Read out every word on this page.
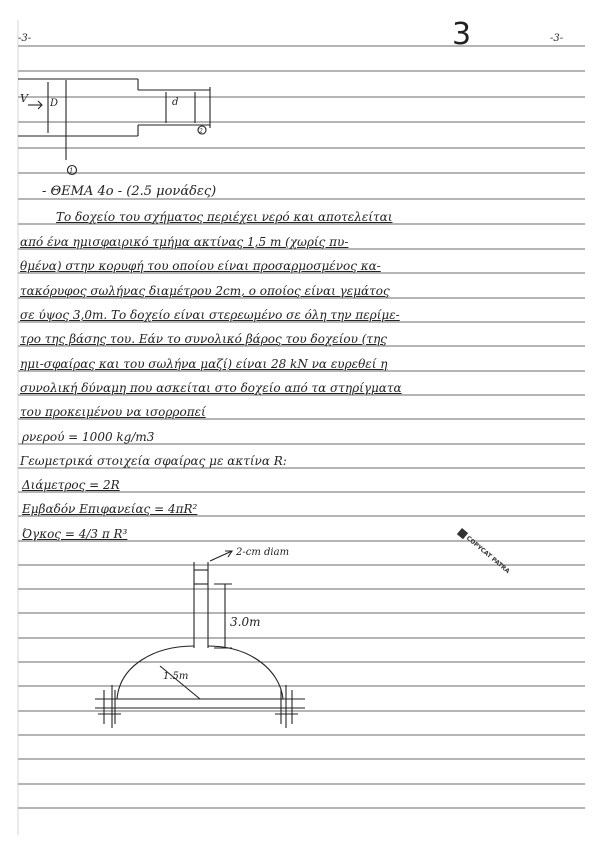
-3-	-3-
3
V D	d
1
2
- ΘΕΜΑ 4ο - (2.5 μονάδες)
Το δοχείο του σχήματος περιέχει νερό και αποτελείται
από ένα ημισφαιρικό τμήμα ακτίνας 1,5 m (χωρίς πυ-
θμένα) στην κορυφή του οποίου είναι προσαρμοσμένος κα-
τακόρυφος σωλήνας διαμέτρου 2cm, ο οποίος είναι γεμάτος
σε ύψος 3,0m. Το δοχείο είναι στερεωμένο σε όλη την περίμε-
τρο της βάσης του. Εάν το συνολικό βάρος του δοχείου (της
ημι-σφαίρας και του σωλήνα μαζί) είναι 28 kN να ευρεθεί η
συνολική δύναμη που ασκείται στο δοχείο από τα στηρίγματα
του προκειμένου να ισορροπεί
ρνερού = 1000 kg/m3
Γεωμετρικά στοιχεία σφαίρας με ακτίνα R:
Διάμετρος = 2R
Εμβαδόν Επιφανείας = 4πR²
Όγκος = 4/3 π R³
COPYCAT PATRA
2-cm diam
3.0m
1.5m
